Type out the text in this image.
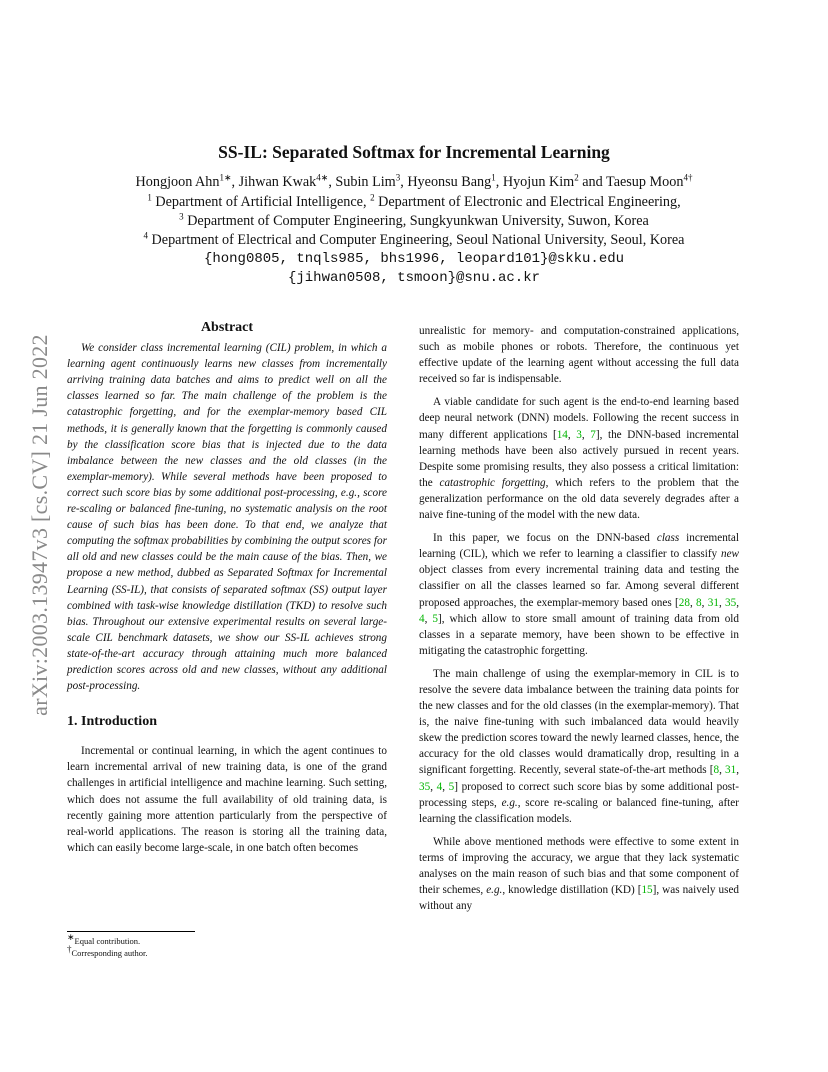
arXiv:2003.13947v3 [cs.CV] 21 Jun 2022
SS-IL: Separated Softmax for Incremental Learning
Hongjoon Ahn$^{1∗}$, Jihwan Kwak$^{4∗}$, Subin Lim$^3$, Hyeonsu Bang$^1$, Hyojun Kim$^2$ and Taesup Moon$^{4\dagger}$
$^1$ Department of Artificial Intelligence, $^2$ Department of Electronic and Electrical Engineering,
$^3$ Department of Computer Engineering, Sungkyunkwan University, Suwon, Korea
$^4$ Department of Electrical and Computer Engineering, Seoul National University, Seoul, Korea
{hong0805, tnqls985, bhs1996, leopard101}@skku.edu
{jihwan0508, tsmoon}@snu.ac.kr
Abstract

We consider class incremental learning (CIL) problem, in which a learning agent continuously learns new classes from incrementally arriving training data batches and aims to predict well on all the classes learned so far. The main challenge of the problem is the catastrophic forgetting, and for the exemplar-memory based CIL methods, it is generally known that the forgetting is commonly caused by the classification score bias that is injected due to the data imbalance between the new classes and the old classes (in the exemplar-memory). While several methods have been proposed to correct such score bias by some additional post-processing, e.g., score re-scaling or balanced fine-tuning, no systematic analysis on the root cause of such bias has been done. To that end, we analyze that computing the softmax probabilities by combining the output scores for all old and new classes could be the main cause of the bias. Then, we propose a new method, dubbed as Separated Softmax for Incremental Learning (SS-IL), that consists of separated softmax (SS) output layer combined with task-wise knowledge distillation (TKD) to resolve such bias. Throughout our extensive experimental results on several large-scale CIL benchmark datasets, we show our SS-IL achieves strong state-of-the-art accuracy through attaining much more balanced prediction scores across old and new classes, without any additional post-processing.

1. Introduction

Incremental or continual learning, in which the agent continues to learn incremental arrival of new training data, is one of the grand challenges in artificial intelligence and machine learning. Such setting, which does not assume the full availability of old training data, is recently gaining more attention particularly from the perspective of real-world applications. The reason is storing all the training data, which can easily become large-scale, in one batch often becomes

unrealistic for memory- and computation-constrained applications, such as mobile phones or robots. Therefore, the continuous yet effective update of the learning agent without accessing the full data received so far is indispensable.

A viable candidate for such agent is the end-to-end learning based deep neural network (DNN) models. Following the recent success in many different applications [14, 3, 7], the DNN-based incremental learning methods have been also actively pursued in recent years. Despite some promising results, they also possess a critical limitation: the catastrophic forgetting, which refers to the problem that the generalization performance on the old data severely degrades after a naive fine-tuning of the model with the new data.

In this paper, we focus on the DNN-based class incremental learning (CIL), which we refer to learning a classifier to classify new object classes from every incremental training data and testing the classifier on all the classes learned so far. Among several different proposed approaches, the exemplar-memory based ones [28, 8, 31, 35, 4, 5], which allow to store small amount of training data from old classes in a separate memory, have been shown to be effective in mitigating the catastrophic forgetting.

The main challenge of using the exemplar-memory in CIL is to resolve the severe data imbalance between the training data points for the new classes and for the old classes (in the exemplar-memory). That is, the naive fine-tuning with such imbalanced data would heavily skew the prediction scores toward the newly learned classes, hence, the accuracy for the old classes would dramatically drop, resulting in a significant forgetting. Recently, several state-of-the-art methods [8, 31, 35, 4, 5] proposed to correct such score bias by some additional post-processing steps, e.g., score re-scaling or balanced fine-tuning, after learning the classification models.

While above mentioned methods were effective to some extent in terms of improving the accuracy, we argue that they lack systematic analyses on the main reason of such bias and that some component of their schemes, e.g., knowledge distillation (KD) [15], was naively used without any

∗Equal contribution.
†Corresponding author.
